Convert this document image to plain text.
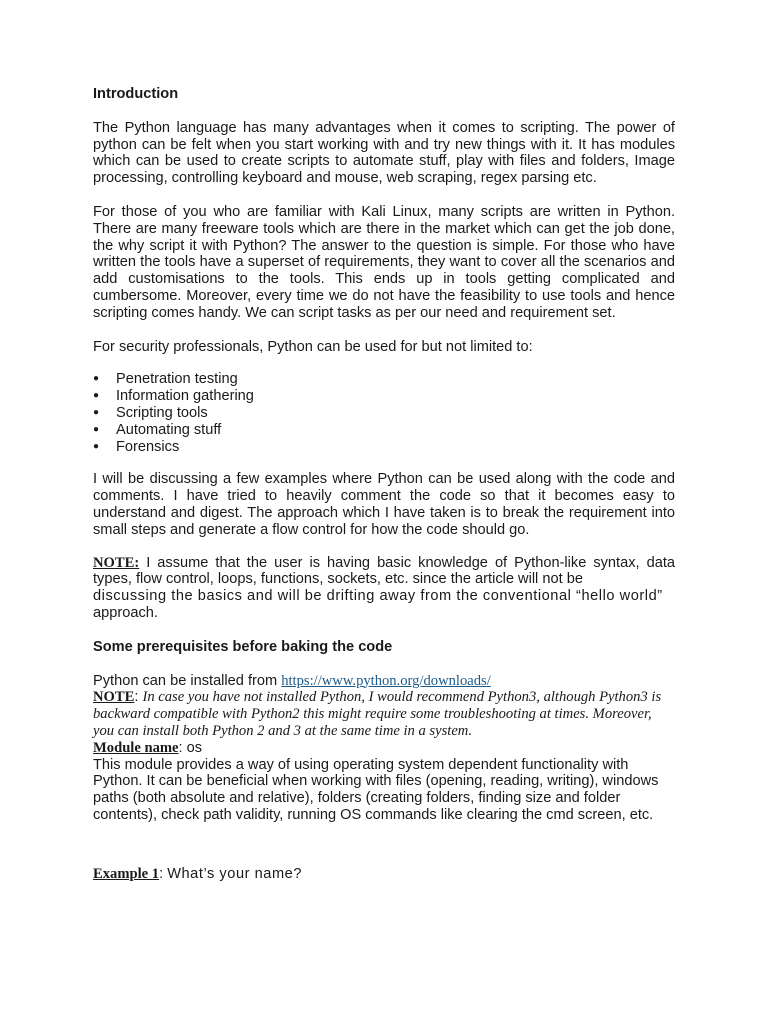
Introduction

The Python language has many advantages when it comes to scripting. The power of python can be felt when you start working with and try new things with it. It has modules which can be used to create scripts to automate stuff, play with files and folders, Image processing, controlling keyboard and mouse, web scraping, regex parsing etc.

For those of you who are familiar with Kali Linux, many scripts are written in Python. There are many freeware tools which are there in the market which can get the job done, the why script it with Python? The answer to the question is simple. For those who have written the tools have a superset of requirements, they want to cover all the scenarios and add customisations to the tools. This ends up in tools getting complicated and cumbersome. Moreover, every time we do not have the feasibility to use tools and hence scripting comes handy. We can script tasks as per our need and requirement set.

For security professionals, Python can be used for but not limited to:

● Penetration testing
● Information gathering
● Scripting tools
● Automating stuff
● Forensics

I will be discussing a few examples where Python can be used along with the code and comments. I have tried to heavily comment the code so that it becomes easy to understand and digest. The approach which I have taken is to break the requirement into small steps and generate a flow control for how the code should go.

NOTE: I assume that the user is having basic knowledge of Python-like syntax, data types, flow control, loops, functions, sockets, etc. since the article will not be

discussing the basics and will be drifting away from the conventional “hello world”

approach.

Some prerequisites before baking the code

Python can be installed from https://www.python.org/downloads/

NOTE: In case you have not installed Python, I would recommend Python3, although Python3 is backward compatible with Python2 this might require some troubleshooting at times. Moreover, you can install both Python 2 and 3 at the same time in a system.

Module name: os

This module provides a way of using operating system dependent functionality with Python. It can be beneficial when working with files (opening, reading, writing), windows paths (both absolute and relative), folders (creating folders, finding size and folder contents), check path validity, running OS commands like clearing the cmd screen, etc.

Example 1: What’s your name?
